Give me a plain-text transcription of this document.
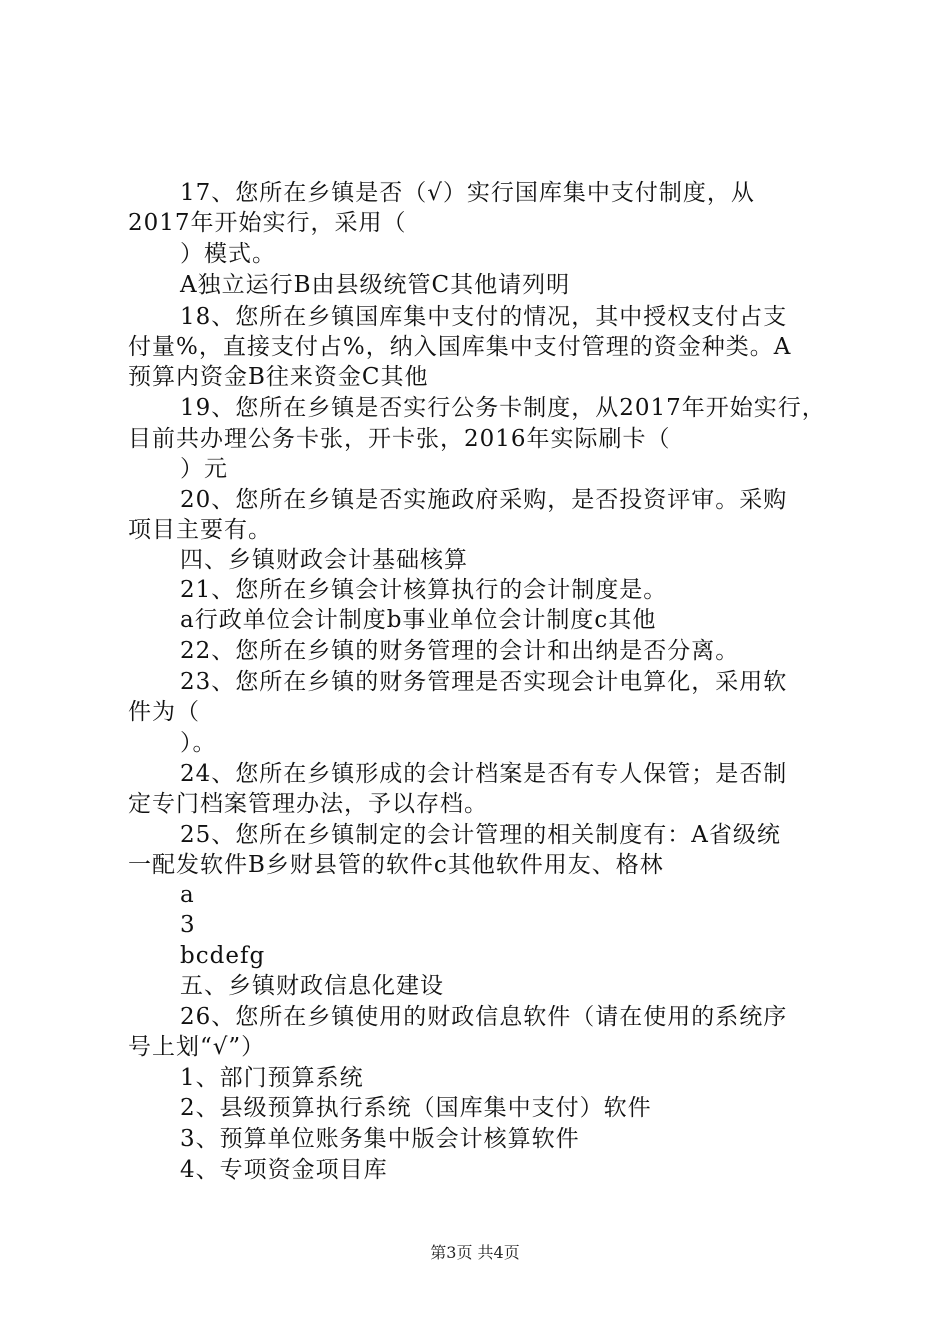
17、您所在乡镇是否（√）实行国库集中支付制度，从
2017年开始实行，采用（
）模式。
A独立运行B由县级统管C其他请列明
18、您所在乡镇国库集中支付的情况，其中授权支付占支
付量%，直接支付占%，纳入国库集中支付管理的资金种类。A
预算内资金B往来资金C其他
19、您所在乡镇是否实行公务卡制度，从2017年开始实行，
目前共办理公务卡张，开卡张，2016年实际刷卡（
）元
20、您所在乡镇是否实施政府采购，是否投资评审。采购
项目主要有。
四、乡镇财政会计基础核算
21、您所在乡镇会计核算执行的会计制度是。
a行政单位会计制度b事业单位会计制度c其他
22、您所在乡镇的财务管理的会计和出纳是否分离。
23、您所在乡镇的财务管理是否实现会计电算化，采用软
件为（
）。
24、您所在乡镇形成的会计档案是否有专人保管；是否制
定专门档案管理办法，予以存档。
25、您所在乡镇制定的会计管理的相关制度有：A省级统
一配发软件B乡财县管的软件c其他软件用友、格林
a
3
bcdefg
五、乡镇财政信息化建设
26、您所在乡镇使用的财政信息软件（请在使用的系统序
号上划“√”）
1、部门预算系统
2、县级预算执行系统（国库集中支付）软件
3、预算单位账务集中版会计核算软件
4、专项资金项目库
第3页 共4页
